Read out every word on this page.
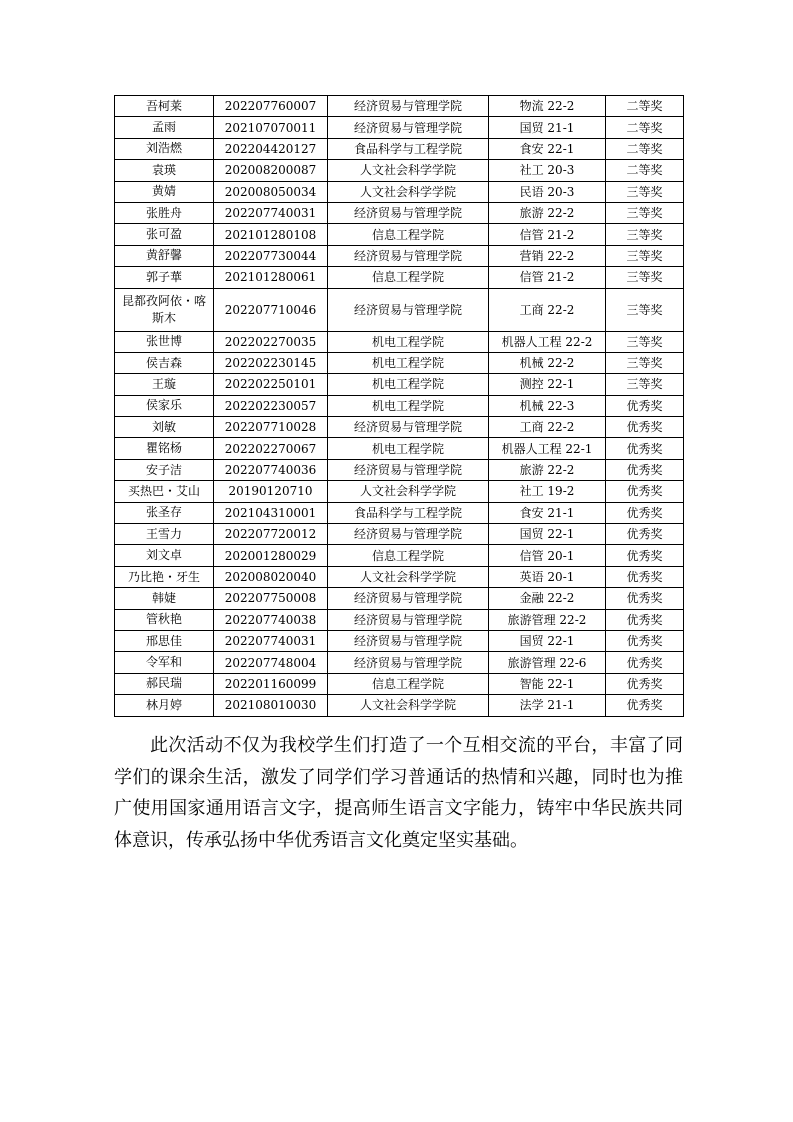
吾柯莱	202207760007	经济贸易与管理学院	物流 22-2	二等奖
孟雨	202107070011	经济贸易与管理学院	国贸 21-1	二等奖
刘浩燃	202204420127	食品科学与工程学院	食安 22-1	二等奖
袁瑛	202008200087	人文社会科学学院	社工 20-3	二等奖
黄婧	202008050034	人文社会科学学院	民语 20-3	三等奖
张胜舟	202207740031	经济贸易与管理学院	旅游 22-2	三等奖
张可盈	202101280108	信息工程学院	信管 21-2	三等奖
黄舒馨	202207730044	经济贸易与管理学院	营销 22-2	三等奖
郭子華	202101280061	信息工程学院	信管 21-2	三等奖
昆都孜阿依・喀斯木	202207710046	经济贸易与管理学院	工商 22-2	三等奖
张世博	202202270035	机电工程学院	机器人工程 22-2	三等奖
侯吉森	202202230145	机电工程学院	机械 22-2	三等奖
王璇	202202250101	机电工程学院	测控 22-1	三等奖
侯家乐	202202230057	机电工程学院	机械 22-3	优秀奖
刘敏	202207710028	经济贸易与管理学院	工商 22-2	优秀奖
瞿铭杨	202202270067	机电工程学院	机器人工程 22-1	优秀奖
安子洁	202207740036	经济贸易与管理学院	旅游 22-2	优秀奖
买热巴・艾山	20190120710	人文社会科学学院	社工 19-2	优秀奖
张圣存	202104310001	食品科学与工程学院	食安 21-1	优秀奖
王雪力	202207720012	经济贸易与管理学院	国贸 22-1	优秀奖
刘文卓	202001280029	信息工程学院	信管 20-1	优秀奖
乃比艳・牙生	202008020040	人文社会科学学院	英语 20-1	优秀奖
韩婕	202207750008	经济贸易与管理学院	金融 22-2	优秀奖
管秋艳	202207740038	经济贸易与管理学院	旅游管理 22-2	优秀奖
邢思佳	202207740031	经济贸易与管理学院	国贸 22-1	优秀奖
令军和	202207748004	经济贸易与管理学院	旅游管理 22-6	优秀奖
郝民瑞	202201160099	信息工程学院	智能 22-1	优秀奖
林月婷	202108010030	人文社会科学学院	法学 21-1	优秀奖

此次活动不仅为我校学生们打造了一个互相交流的平台，丰富了同学们的课余生活，激发了同学们学习普通话的热情和兴趣，同时也为推广使用国家通用语言文字，提高师生语言文字能力，铸牢中华民族共同体意识，传承弘扬中华优秀语言文化奠定坚实基础。
